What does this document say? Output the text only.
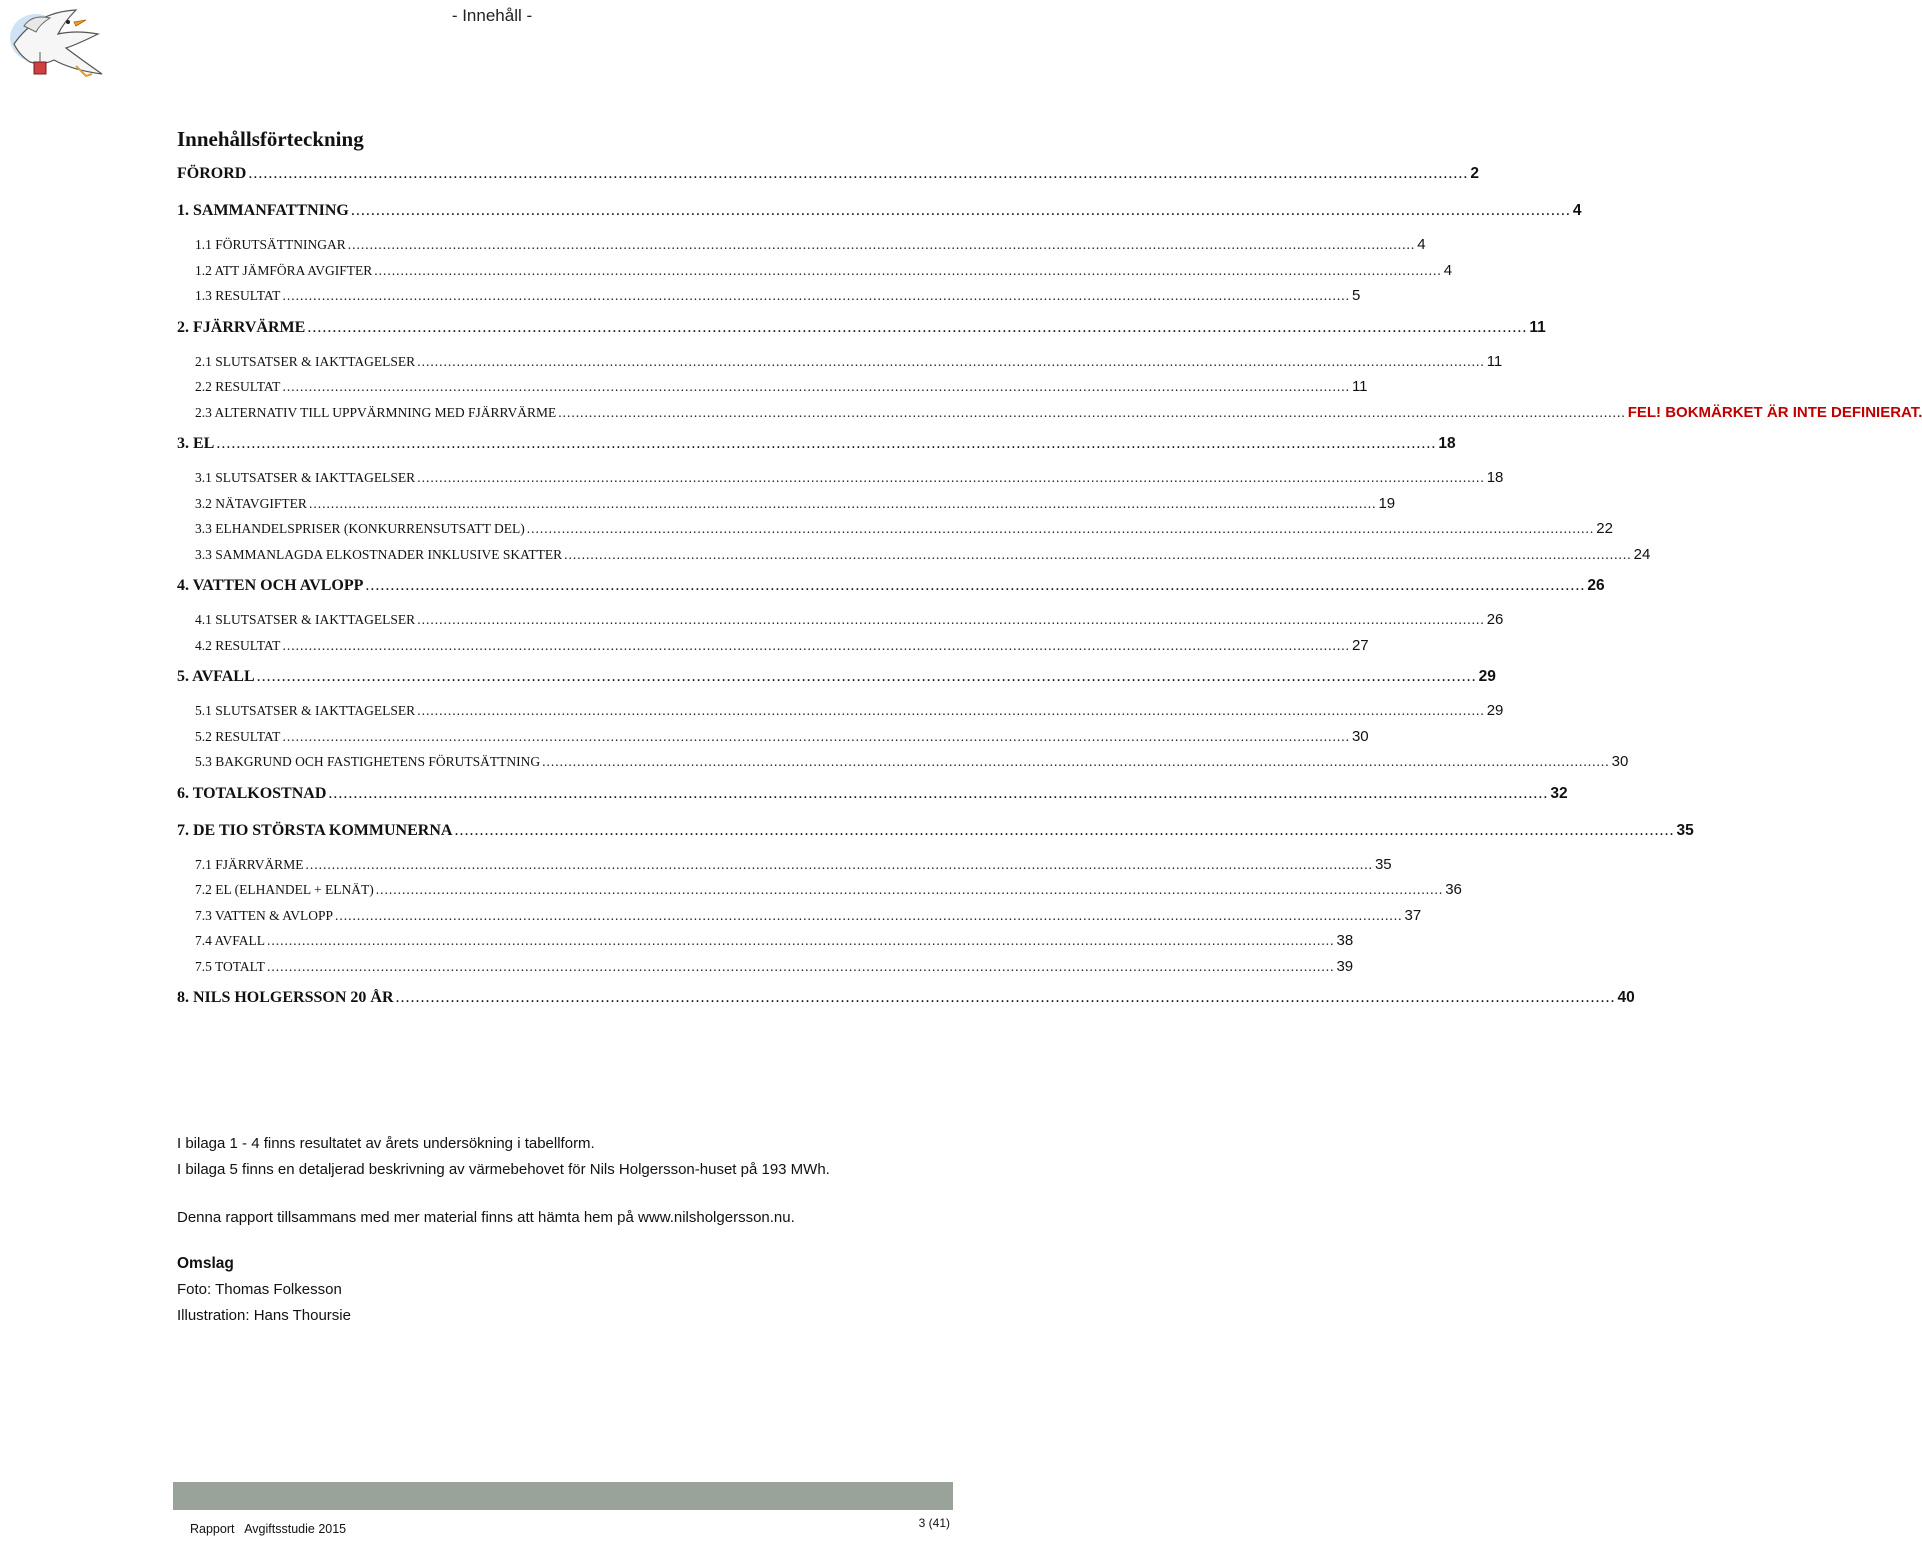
- Innehåll -
Innehållsförteckning
FÖRORD .....	2
1. SAMMANFATTNING .....	4
1.1 FÖRUTSÄTTNINGAR .....	4
1.2 ATT JÄMFÖRA AVGIFTER .....	4
1.3 RESULTAT .....	5
2. FJÄRRVÄRME .....	11
2.1 SLUTSATSER & IAKTTAGELSER .....	11
2.2 RESULTAT .....	11
2.3 ALTERNATIV TILL UPPVÄRMNING MED FJÄRRVÄRME .....	FEL! BOKMÄRKET ÄR INTE DEFINIERAT.
3. EL .....	18
3.1 SLUTSATSER & IAKTTAGELSER .....	18
3.2 NÄTAVGIFTER .....	19
3.3 ELHANDELSPRISER (KONKURRENSUTSATT DEL) .....	22
3.3 SAMMANLAGDA ELKOSTNADER INKLUSIVE SKATTER .....	24
4. VATTEN OCH AVLOPP .....	26
4.1 SLUTSATSER & IAKTTAGELSER .....	26
4.2 RESULTAT .....	27
5. AVFALL .....	29
5.1 SLUTSATSER & IAKTTAGELSER .....	29
5.2 RESULTAT .....	30
5.3 BAKGRUND OCH FASTIGHETENS FÖRUTSÄTTNING .....	30
6. TOTALKOSTNAD .....	32
7. DE TIO STÖRSTA KOMMUNERNA .....	35
7.1 FJÄRRVÄRME .....	35
7.2 EL (ELHANDEL + ELNÄT) .....	36
7.3 VATTEN & AVLOPP .....	37
7.4 AVFALL .....	38
7.5 TOTALT .....	39
8. NILS HOLGERSSON 20 ÅR .....	40
I bilaga 1 - 4 finns resultatet av årets undersökning i tabellform.
I bilaga 5 finns en detaljerad beskrivning av värmebehovet för Nils Holgersson-huset på 193 MWh.
Denna rapport tillsammans med mer material finns att hämta hem på www.nilsholgersson.nu.
Omslag
Foto: Thomas Folkesson
Illustration: Hans Thoursie
Rapport   Avgiftsstudie 2015	3 (41)
